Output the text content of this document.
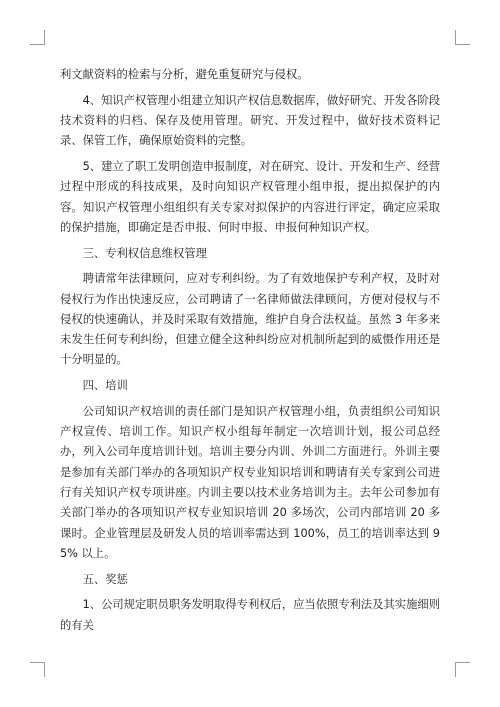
利文献资料的检索与分析，避免重复研究与侵权。

4、知识产权管理小组建立知识产权信息数据库，做好研究、开发各阶段技术资料的归档、保存及使用管理。研究、开发过程中，做好技术资料记录、保管工作，确保原始资料的完整。

5、建立了职工发明创造申报制度，对在研究、设计、开发和生产、经营过程中形成的科技成果，及时向知识产权管理小组申报，提出拟保护的内容。知识产权管理小组组织有关专家对拟保护的内容进行评定，确定应采取的保护措施，即确定是否申报、何时申报、申报何种知识产权。

三、专利权信息维权管理

聘请常年法律顾问，应对专利纠纷。为了有效地保护专利产权，及时对侵权行为作出快速反应，公司聘请了一名律师做法律顾问，方便对侵权与不侵权的快速确认，并及时采取有效措施，维护自身合法权益。虽然 3 年多来未发生任何专利纠纷，但建立健全这种纠纷应对机制所起到的威慑作用还是十分明显的。

四、培训

公司知识产权培训的责任部门是知识产权管理小组，负责组织公司知识产权宣传、培训工作。知识产权小组每年制定一次培训计划，报公司总经办，列入公司年度培训计划。培训主要分内训、外训二方面进行。外训主要是参加有关部门举办的各项知识产权专业知识培训和聘请有关专家到公司进行有关知识产权专项讲座。内训主要以技术业务培训为主。去年公司参加有关部门举办的各项知识产权专业知识培训 20 多场次，公司内部培训 20 多课时。企业管理层及研发人员的培训率需达到 100%，员工的培训率达到 95% 以上。

五、奖惩

1、公司规定职员职务发明取得专利权后，应当依照专利法及其实施细则的有关
